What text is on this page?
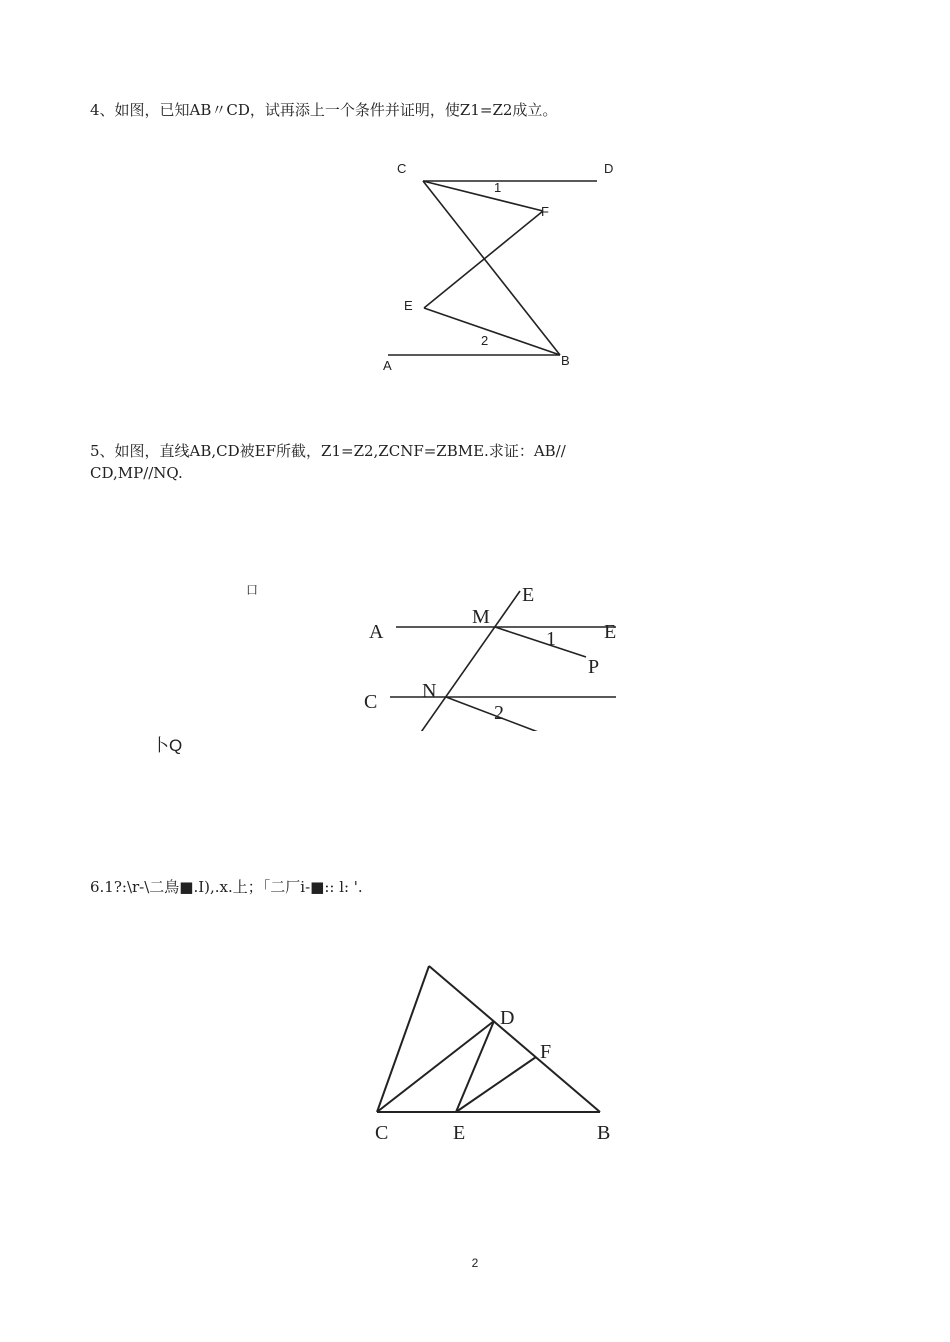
4、如图，已知AB〃CD，试再添上一个条件并证明，使Z1=Z2成立。
C	D
1
F
E
2
A	B
5、如图，直线AB,CD被EF所截，Z1=Z2,ZCNF=ZBME.求证：AB//
CD,MP//NQ.
口
卜Q
E
A
M
E
1
P
C N
2
6.1?:\r-\二鳥■.I),.x.上；「二厂i-■:: l: '.
D
F
C	E	B
2
